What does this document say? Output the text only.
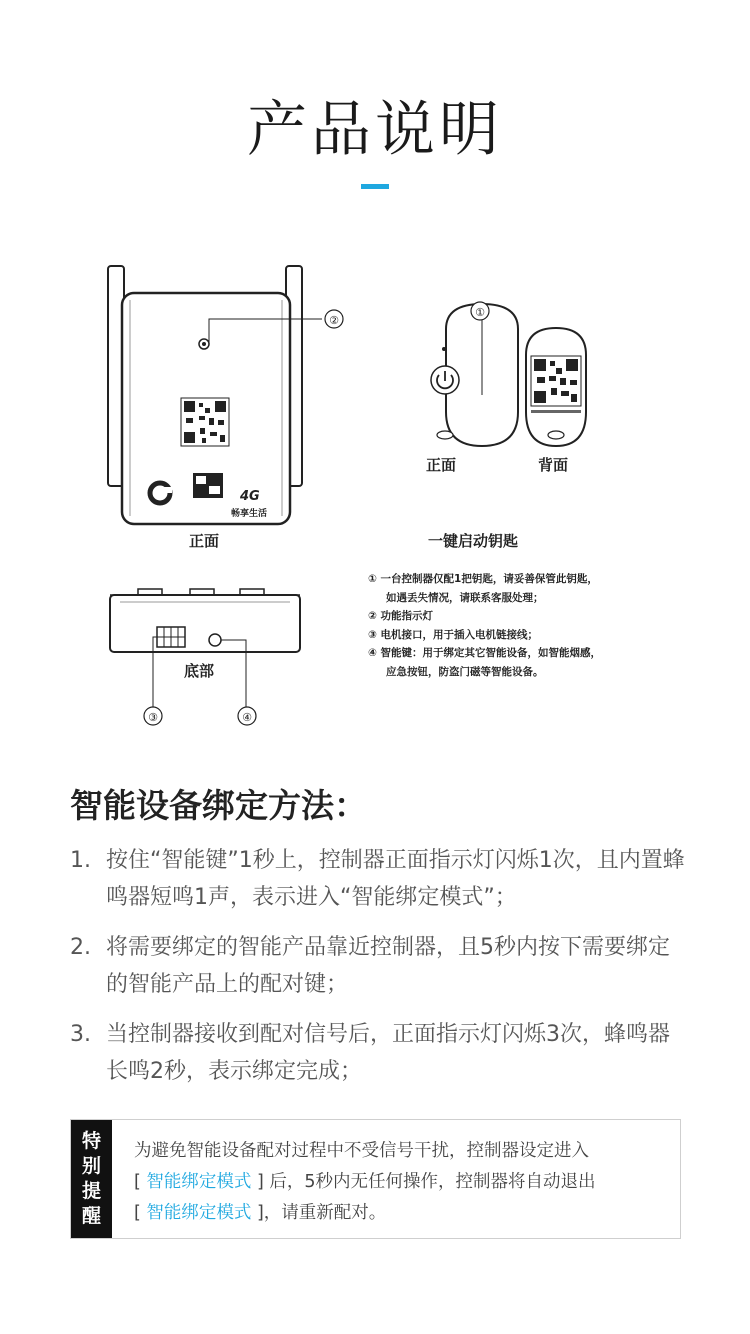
产品说明
4G
畅享生活
②
①
③	④
正面
正面	背面
一键启动钥匙
底部
① 一台控制器仅配1把钥匙，请妥善保管此钥匙，
如遇丢失情况，请联系客服处理；
② 功能指示灯
③ 电机接口，用于插入电机链接线；
④ 智能键：用于绑定其它智能设备，如智能烟感，
应急按钮，防盗门磁等智能设备。
智能设备绑定方法：
1. 按住“智能键”1秒上，控制器正面指示灯闪烁1次，且内置蜂鸣器短鸣1声，表示进入“智能绑定模式”；
2. 将需要绑定的智能产品靠近控制器，且5秒内按下需要绑定的智能产品上的配对键；
3. 当控制器接收到配对信号后，正面指示灯闪烁3次，蜂鸣器长鸣2秒，表示绑定完成；
特
别
提
醒
为避免智能设备配对过程中不受信号干扰，控制器设定进入
[ 智能绑定模式 ] 后，5秒内无任何操作，控制器将自动退出
[ 智能绑定模式 ]，请重新配对。
